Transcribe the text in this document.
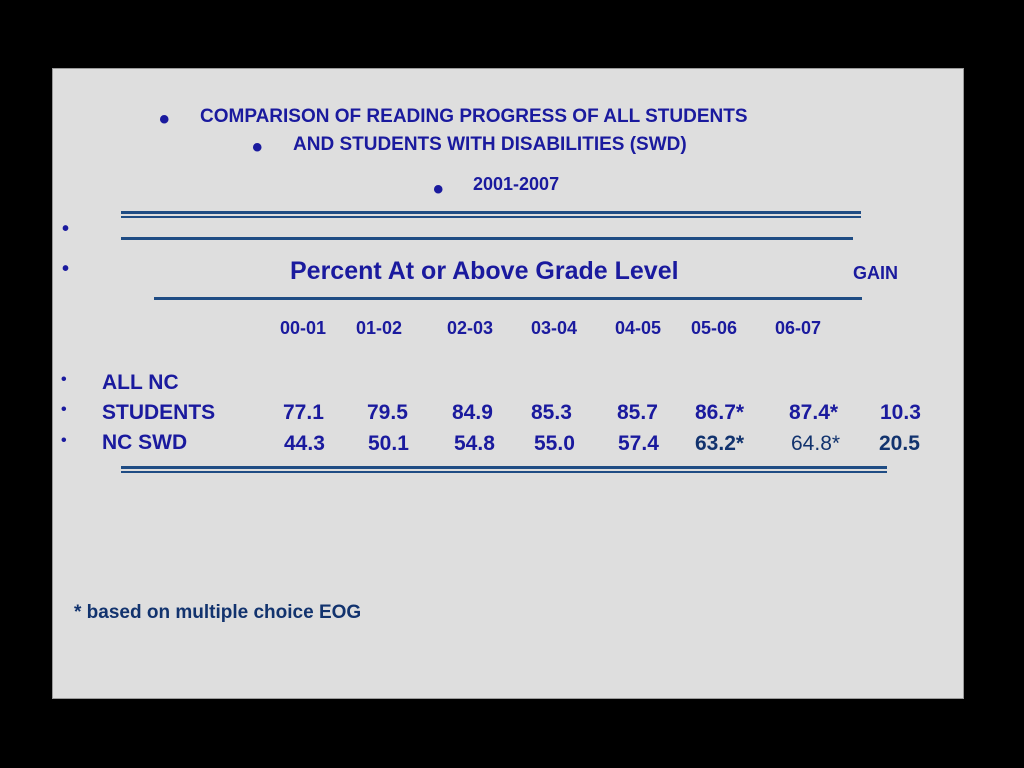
• COMPARISON OF READING PROGRESS OF ALL STUDENTS
• AND STUDENTS WITH DISABILITIES (SWD)
• 2001-2007
•
•	Percent At or Above Grade Level	GAIN
00-01 01-02 02-03 03-04 04-05 05-06 06-07
• ALL NC
• STUDENTS	77.1 79.5 84.9 85.3 85.7 86.7* 87.4* 10.3
• NC SWD	44.3 50.1 54.8 55.0 57.4 63.2* 64.8* 20.5
* based on multiple choice EOG
